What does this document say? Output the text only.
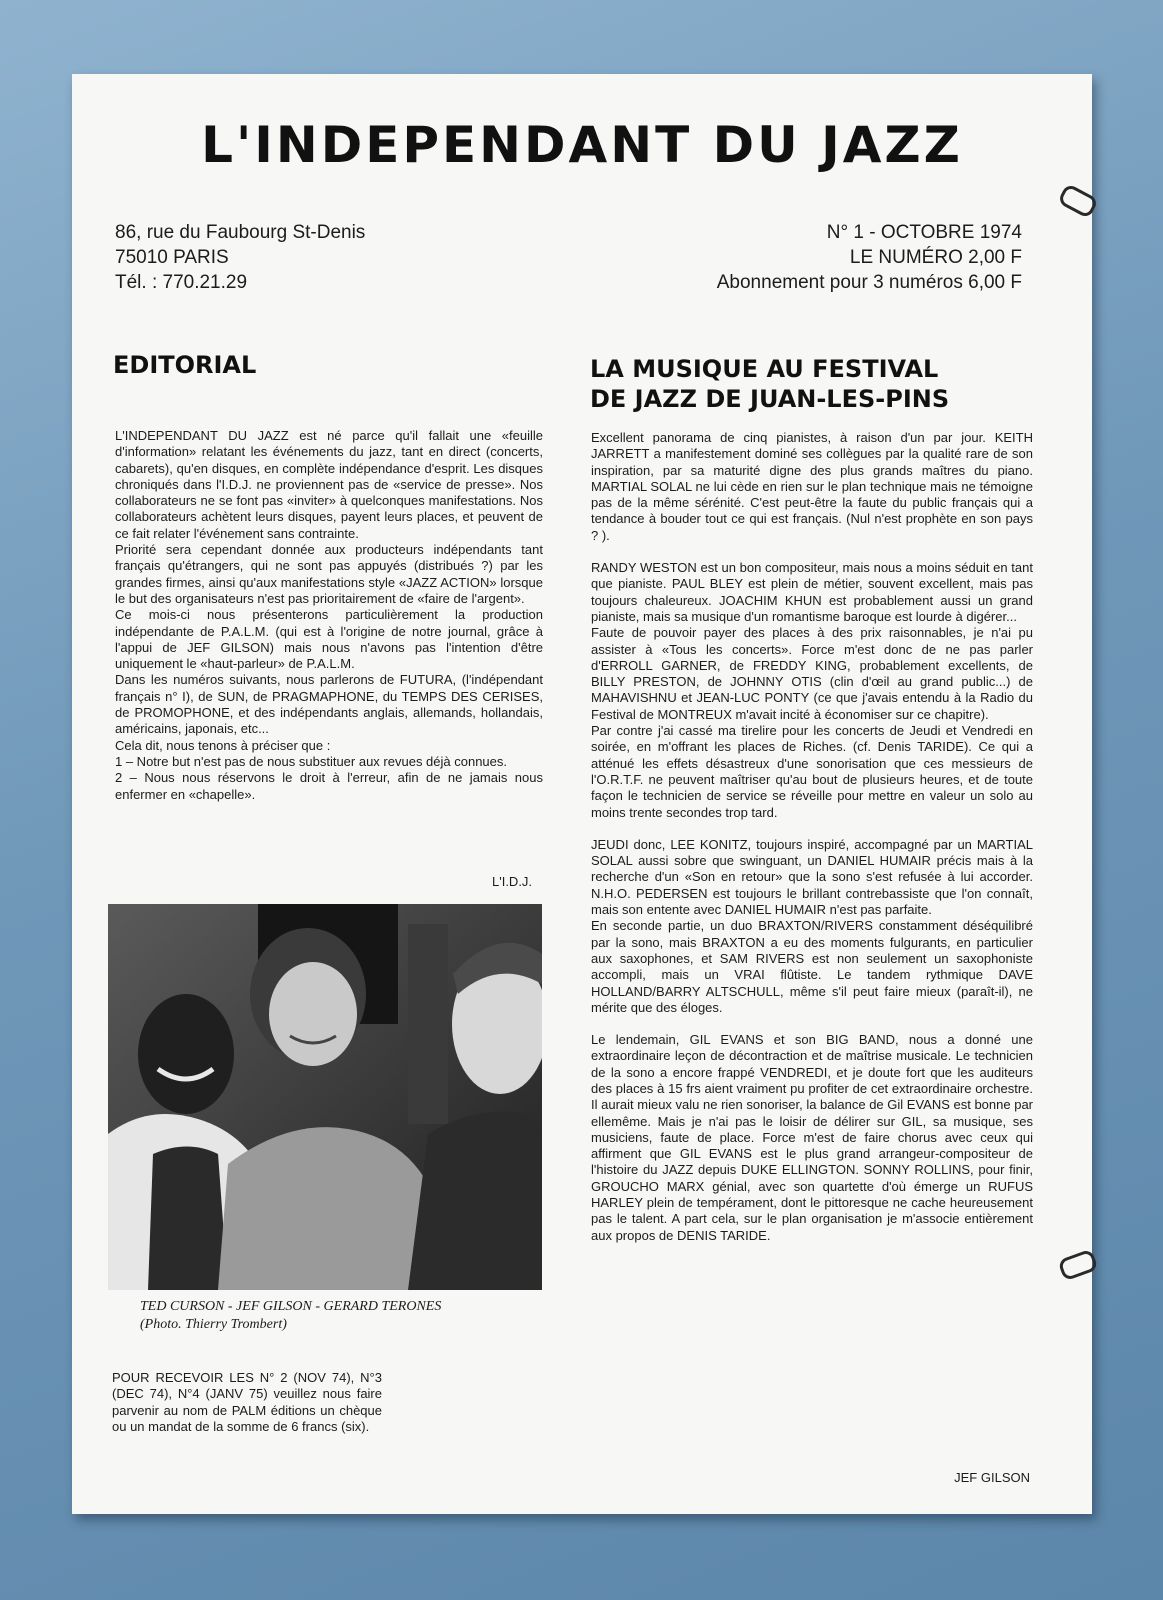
L'INDEPENDANT DU JAZZ
86, rue du Faubourg St-Denis
75010 PARIS
Tél. : 770.21.29
N° 1 - OCTOBRE 1974
LE NUMÉRO 2,00 F
Abonnement pour 3 numéros 6,00 F
EDITORIAL

L'INDEPENDANT DU JAZZ est né parce qu'il fallait une «feuille d'information» relatant les événements du jazz, tant en direct (concerts, cabarets), qu'en disques, en complète indépendance d'esprit. Les disques chroniqués dans l'I.D.J. ne proviennent pas de «service de presse». Nos collaborateurs ne se font pas «inviter» à quelconques manifestations. Nos collaborateurs achètent leurs disques, payent leurs places, et peuvent de ce fait relater l'événement sans contrainte.

Priorité sera cependant donnée aux producteurs indépendants tant français qu'étrangers, qui ne sont pas appuyés (distribués ?) par les grandes firmes, ainsi qu'aux manifestations style «JAZZ ACTION» lorsque le but des organisateurs n'est pas prioritairement de «faire de l'argent».

Ce mois-ci nous présenterons particulièrement la production indépendante de P.A.L.M. (qui est à l'origine de notre journal, grâce à l'appui de JEF GILSON) mais nous n'avons pas l'intention d'être uniquement le «haut-parleur» de P.A.L.M.

Dans les numéros suivants, nous parlerons de FUTURA, (l'indépendant français n° I), de SUN, de PRAGMAPHONE, du TEMPS DES CERISES, de PROMOPHONE, et des indépendants anglais, allemands, hollandais, américains, japonais, etc...

Cela dit, nous tenons à préciser que :

1 – Notre but n'est pas de nous substituer aux revues déjà connues.

2 – Nous nous réservons le droit à l'erreur, afin de ne jamais nous enfermer en «chapelle».

L'I.D.J.
TED CURSON - JEF GILSON - GERARD TERONES
(Photo. Thierry Trombert)
POUR RECEVOIR LES N° 2 (NOV 74), N°3 (DEC 74), N°4 (JANV 75) veuillez nous faire parvenir au nom de PALM éditions un chèque ou un mandat de la somme de 6 francs (six).
LA MUSIQUE AU FESTIVAL
DE JAZZ DE JUAN-LES-PINS

Excellent panorama de cinq pianistes, à raison d'un par jour. KEITH JARRETT a manifestement dominé ses collègues par la qualité rare de son inspiration, par sa maturité digne des plus grands maîtres du piano. MARTIAL SOLAL ne lui cède en rien sur le plan technique mais ne témoigne pas de la même sérénité. C'est peut-être la faute du public français qui a tendance à bouder tout ce qui est français. (Nul n'est prophète en son pays ? ).

RANDY WESTON est un bon compositeur, mais nous a moins séduit en tant que pianiste. PAUL BLEY est plein de métier, souvent excellent, mais pas toujours chaleureux. JOACHIM KHUN est probablement aussi un grand pianiste, mais sa musique d'un romantisme baroque est lourde à digérer...

Faute de pouvoir payer des places à des prix raisonnables, je n'ai pu assister à «Tous les concerts». Force m'est donc de ne pas parler d'ERROLL GARNER, de FREDDY KING, probablement excellents, de BILLY PRESTON, de JOHNNY OTIS (clin d'œil au grand public...) de MAHAVISHNU et JEAN-LUC PONTY (ce que j'avais entendu à la Radio du Festival de MONTREUX m'avait incité à économiser sur ce chapitre).

Par contre j'ai cassé ma tirelire pour les concerts de Jeudi et Vendredi en soirée, en m'offrant les places de Riches. (cf. Denis TARIDE). Ce qui a atténué les effets désastreux d'une sonorisation que ces messieurs de l'O.R.T.F. ne peuvent maîtriser qu'au bout de plusieurs heures, et de toute façon le technicien de service se réveille pour mettre en valeur un solo au moins trente secondes trop tard.

JEUDI donc, LEE KONITZ, toujours inspiré, accompagné par un MARTIAL SOLAL aussi sobre que swinguant, un DANIEL HUMAIR précis mais à la recherche d'un «Son en retour» que la sono s'est refusée à lui accorder. N.H.O. PEDERSEN est toujours le brillant contrebassiste que l'on connaît, mais son entente avec DANIEL HUMAIR n'est pas parfaite.

En seconde partie, un duo BRAXTON/RIVERS constamment déséquilibré par la sono, mais BRAXTON a eu des moments fulgurants, en particulier aux saxophones, et SAM RIVERS est non seulement un saxophoniste accompli, mais un VRAI flûtiste. Le tandem rythmique DAVE HOLLAND/BARRY ALTSCHULL, même s'il peut faire mieux (paraît-il), ne mérite que des éloges.

Le lendemain, GIL EVANS et son BIG BAND, nous a donné une extraordinaire leçon de décontraction et de maîtrise musicale. Le technicien de la sono a encore frappé VENDREDI, et je doute fort que les auditeurs des places à 15 frs aient vraiment pu profiter de cet extraordinaire orchestre. Il aurait mieux valu ne rien sonoriser, la balance de Gil EVANS est bonne par ellemême. Mais je n'ai pas le loisir de délirer sur GIL, sa musique, ses musiciens, faute de place. Force m'est de faire chorus avec ceux qui affirment que GIL EVANS est le plus grand arrangeur-compositeur de l'histoire du JAZZ depuis DUKE ELLINGTON. SONNY ROLLINS, pour finir, GROUCHO MARX génial, avec son quartette d'où émerge un RUFUS HARLEY plein de tempérament, dont le pittoresque ne cache heureusement pas le talent. A part cela, sur le plan organisation je m'associe entièrement aux propos de DENIS TARIDE.

JEF GILSON
